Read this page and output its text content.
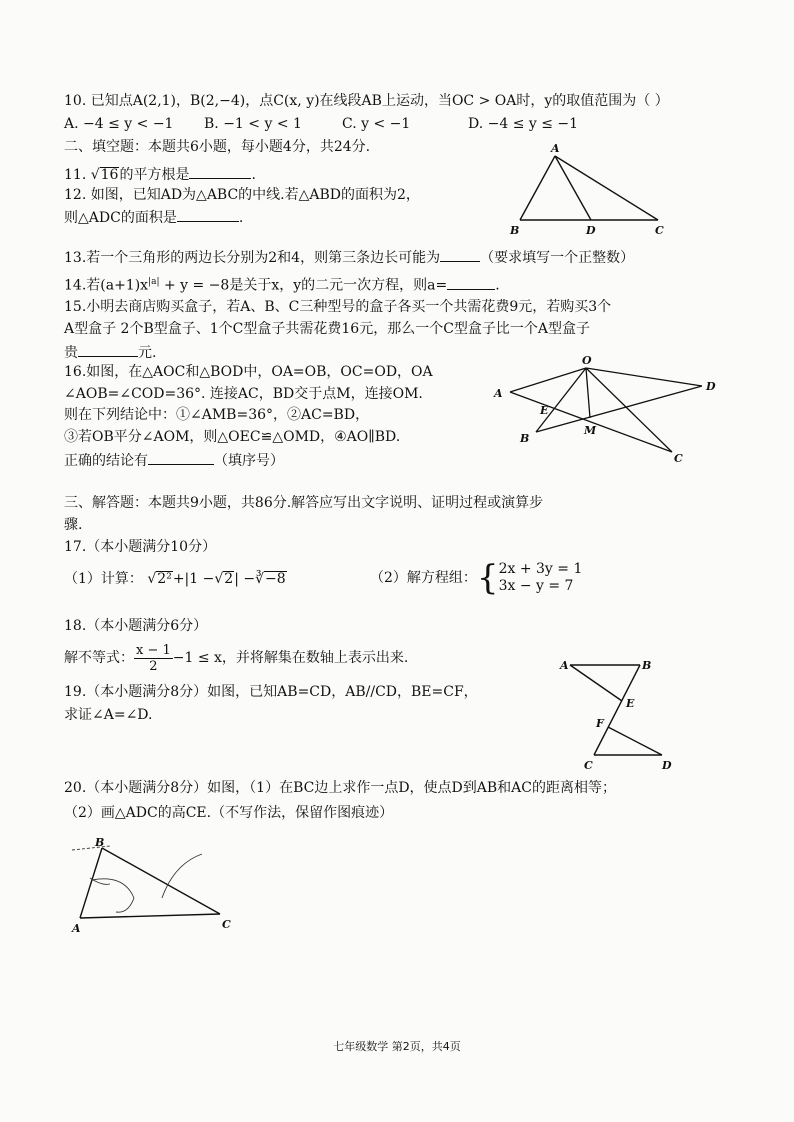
10. 已知点A(2,1)，B(2,−4)，点C(x, y)在线段AB上运动，当OC > OA时，y的取值范围为（ ）
A. −4 ≤ y < −1 B. −1 < y < 1	C. y < −1	D. −4 ≤ y ≤ −1
二、填空题：本题共6小题，每小题4分，共24分.
11. √16的平方根是	.
12. 如图，已知AD为△ABC的中线.若△ABD的面积为2，
则△ADC的面积是	.
A
B	D	C
13.若一个三角形的两边长分别为2和4，则第三条边长可能为	（要求填写一个正整数）
14.若$(a+1)x^{|a|} + y = -8$是关于x，y的二元一次方程，则a=	.
15.小明去商店购买盒子，若A、B、C三种型号的盒子各买一个共需花费9元，若购买3个
A型盒子 2个B型盒子、1个C型盒子共需花费16元，那么一个C型盒子比一个A型盒子
贵	元.
16.如图，在△AOC和△BOD中，OA=OB，OC=OD，OA
∠AOB=∠COD=36°. 连接AC，BD交于点M，连接OM.
则在下列结论中：①∠AMB=36°，②AC=BD，
③若OB平分∠AOM，则△OEC≌△OMD，④AO∥BD.
正确的结论有	（填序号）
O
A
D
E
M
B
C
三、解答题：本题共9小题，共86分.解答应写出文字说明、证明过程或演算步
骤.
17.（本小题满分10分）
（1）计算： √2²+|1 −√2| −∛−8	（2）解方程组：{ 2x + 3y = 1
3x − y = 7
18.（本小题满分6分）
解不等式： $\frac{x - 1}{2} -1 \le x$，并将解集在数轴上表示出来.
19.（本小题满分8分）如图，已知AB=CD，AB//CD，BE=CF，
求证∠A=∠D.
A	B
E
F
C	D
20.（本小题满分8分）如图，（1）在BC边上求作一点D，使点D到AB和AC的距离相等；
（2）画△ADC的高CE.（不写作法，保留作图痕迹）
B
A	C
七年级数学 第2页，共4页
